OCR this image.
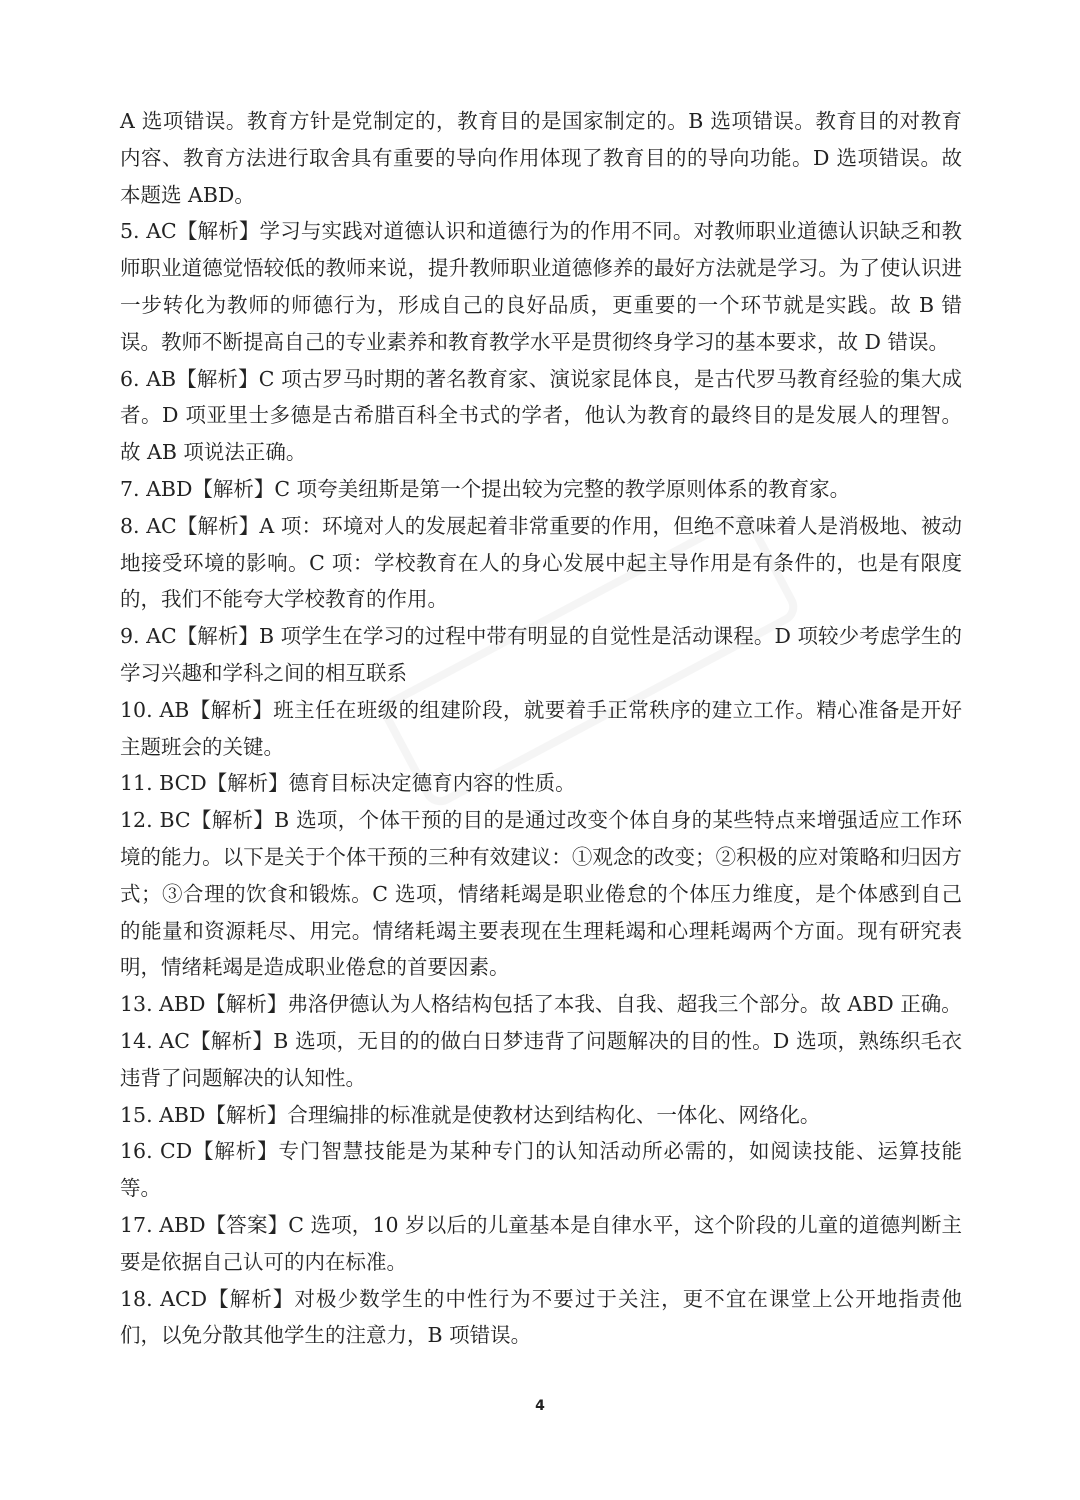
A 选项错误。教育方针是党制定的，教育目的是国家制定的。B 选项错误。教育目的对教育内容、教育方法进行取舍具有重要的导向作用体现了教育目的的导向功能。D 选项错误。故本题选 ABD。

5. AC【解析】学习与实践对道德认识和道德行为的作用不同。对教师职业道德认识缺乏和教师职业道德觉悟较低的教师来说，提升教师职业道德修养的最好方法就是学习。为了使认识进一步转化为教师的师德行为，形成自己的良好品质，更重要的一个环节就是实践。故 B 错误。教师不断提高自己的专业素养和教育教学水平是贯彻终身学习的基本要求，故 D 错误。

6. AB【解析】C 项古罗马时期的著名教育家、演说家昆体良，是古代罗马教育经验的集大成者。D 项亚里士多德是古希腊百科全书式的学者，他认为教育的最终目的是发展人的理智。故 AB 项说法正确。

7. ABD【解析】C 项夸美纽斯是第一个提出较为完整的教学原则体系的教育家。

8. AC【解析】A 项：环境对人的发展起着非常重要的作用，但绝不意味着人是消极地、被动地接受环境的影响。C 项：学校教育在人的身心发展中起主导作用是有条件的，也是有限度的，我们不能夸大学校教育的作用。

9. AC【解析】B 项学生在学习的过程中带有明显的自觉性是活动课程。D 项较少考虑学生的学习兴趣和学科之间的相互联系

10. AB【解析】班主任在班级的组建阶段，就要着手正常秩序的建立工作。精心准备是开好主题班会的关键。

11. BCD【解析】德育目标决定德育内容的性质。

12. BC【解析】B 选项，个体干预的目的是通过改变个体自身的某些特点来增强适应工作环境的能力。以下是关于个体干预的三种有效建议：①观念的改变；②积极的应对策略和归因方式；③合理的饮食和锻炼。C 选项，情绪耗竭是职业倦怠的个体压力维度，是个体感到自己的能量和资源耗尽、用完。情绪耗竭主要表现在生理耗竭和心理耗竭两个方面。现有研究表明，情绪耗竭是造成职业倦怠的首要因素。

13. ABD【解析】弗洛伊德认为人格结构包括了本我、自我、超我三个部分。故 ABD 正确。

14. AC【解析】B 选项，无目的的做白日梦违背了问题解决的目的性。D 选项，熟练织毛衣违背了问题解决的认知性。

15. ABD【解析】合理编排的标准就是使教材达到结构化、一体化、网络化。

16. CD【解析】专门智慧技能是为某种专门的认知活动所必需的，如阅读技能、运算技能等。

17. ABD【答案】C 选项，10 岁以后的儿童基本是自律水平，这个阶段的儿童的道德判断主要是依据自己认可的内在标准。

18. ACD【解析】对极少数学生的中性行为不要过于关注，更不宜在课堂上公开地指责他们，以免分散其他学生的注意力，B 项错误。

4
